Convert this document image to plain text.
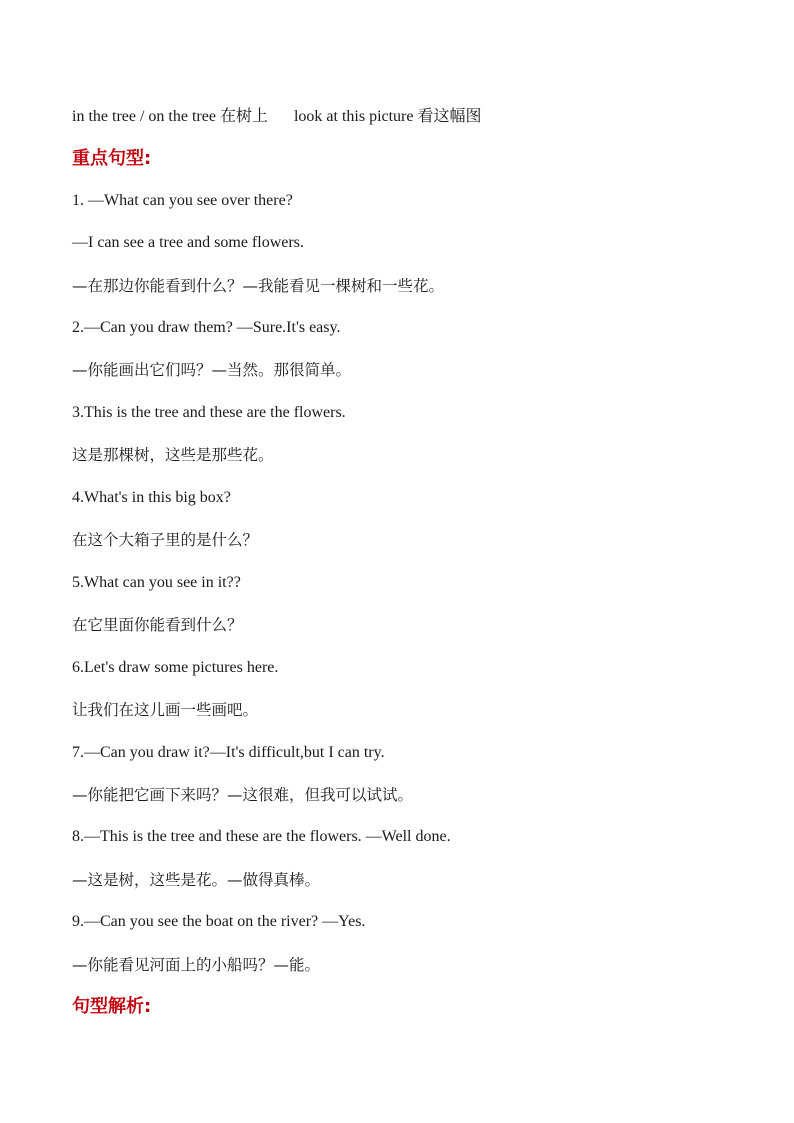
in the tree / on the tree 在树上 look at this picture 看这幅图
重点句型:
1. —What can you see over there?
—I can see a tree and some flowers.
—在那边你能看到什么？—我能看见一棵树和一些花。
2.—Can you draw them? —Sure.It's easy.
—你能画出它们吗？—当然。那很简单。
3.This is the tree and these are the flowers.
这是那棵树，这些是那些花。
4.What's in this big box?
在这个大箱子里的是什么？
5.What can you see in it??
在它里面你能看到什么？
6.Let's draw some pictures here.
让我们在这儿画一些画吧。
7.—Can you draw it?—It's difficult,but I can try.
—你能把它画下来吗？—这很难，但我可以试试。
8.—This is the tree and these are the flowers. —Well done.
—这是树，这些是花。—做得真棒。
9.—Can you see the boat on the river? —Yes.
—你能看见河面上的小船吗？—能。
句型解析:
